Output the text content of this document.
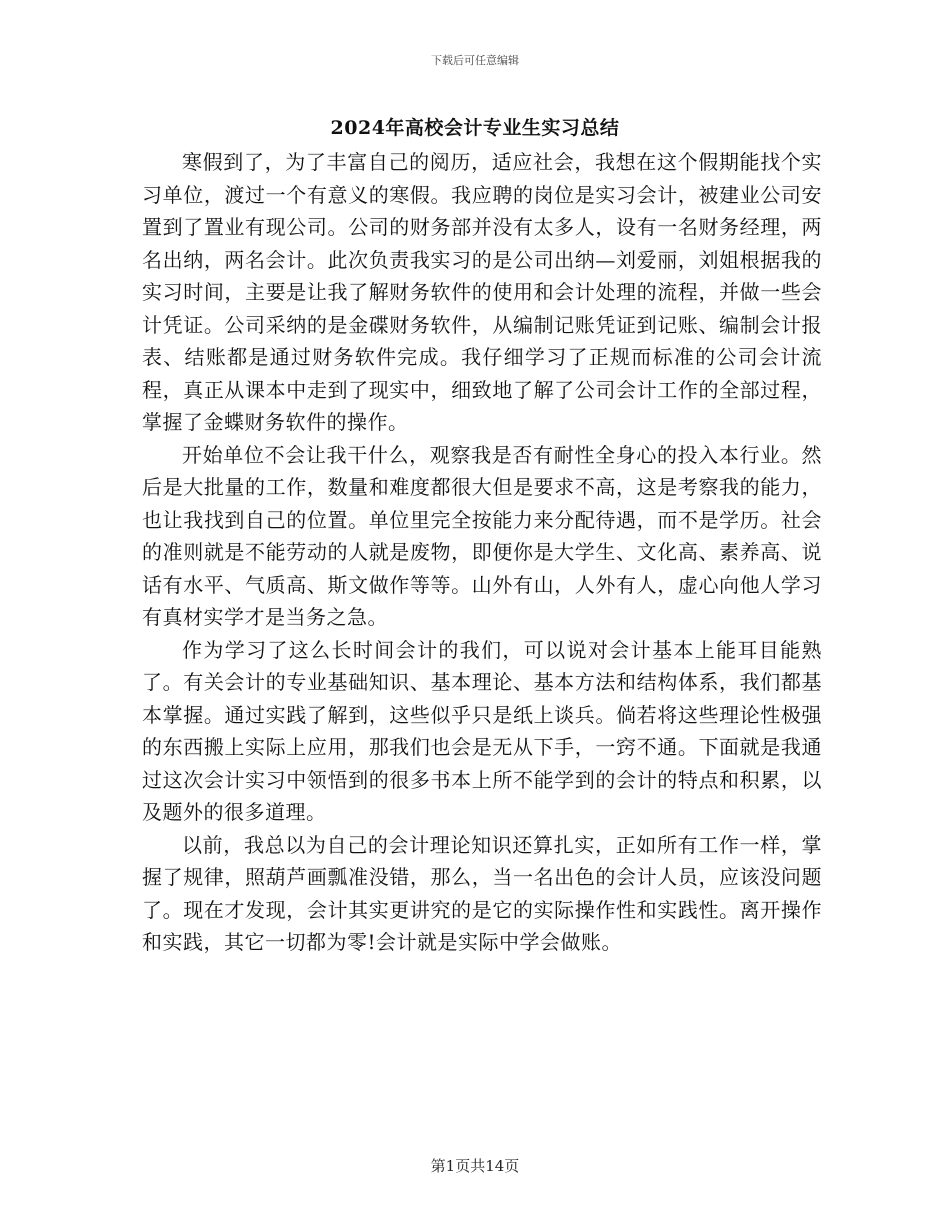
下载后可任意编辑
2024年高校会计专业生实习总结

寒假到了，为了丰富自己的阅历，适应社会，我想在这个假期能找个实习单位，渡过一个有意义的寒假。我应聘的岗位是实习会计，被建业公司安置到了置业有现公司。公司的财务部并没有太多人，设有一名财务经理，两名出纳，两名会计。此次负责我实习的是公司出纳—刘爱丽，刘姐根据我的实习时间，主要是让我了解财务软件的使用和会计处理的流程，并做一些会计凭证。公司采纳的是金碟财务软件，从编制记账凭证到记账、编制会计报表、结账都是通过财务软件完成。我仔细学习了正规而标准的公司会计流程，真正从课本中走到了现实中，细致地了解了公司会计工作的全部过程，掌握了金蝶财务软件的操作。

开始单位不会让我干什么，观察我是否有耐性全身心的投入本行业。然后是大批量的工作，数量和难度都很大但是要求不高，这是考察我的能力，也让我找到自己的位置。单位里完全按能力来分配待遇，而不是学历。社会的准则就是不能劳动的人就是废物，即便你是大学生、文化高、素养高、说话有水平、气质高、斯文做作等等。山外有山，人外有人，虚心向他人学习有真材实学才是当务之急。

作为学习了这么长时间会计的我们，可以说对会计基本上能耳目能熟了。有关会计的专业基础知识、基本理论、基本方法和结构体系，我们都基本掌握。通过实践了解到，这些似乎只是纸上谈兵。倘若将这些理论性极强的东西搬上实际上应用，那我们也会是无从下手，一窍不通。下面就是我通过这次会计实习中领悟到的很多书本上所不能学到的会计的特点和积累，以及题外的很多道理。

以前，我总以为自己的会计理论知识还算扎实，正如所有工作一样，掌握了规律，照葫芦画瓢准没错，那么，当一名出色的会计人员，应该没问题了。现在才发现，会计其实更讲究的是它的实际操作性和实践性。离开操作和实践，其它一切都为零!会计就是实际中学会做账。

第1页共14页
